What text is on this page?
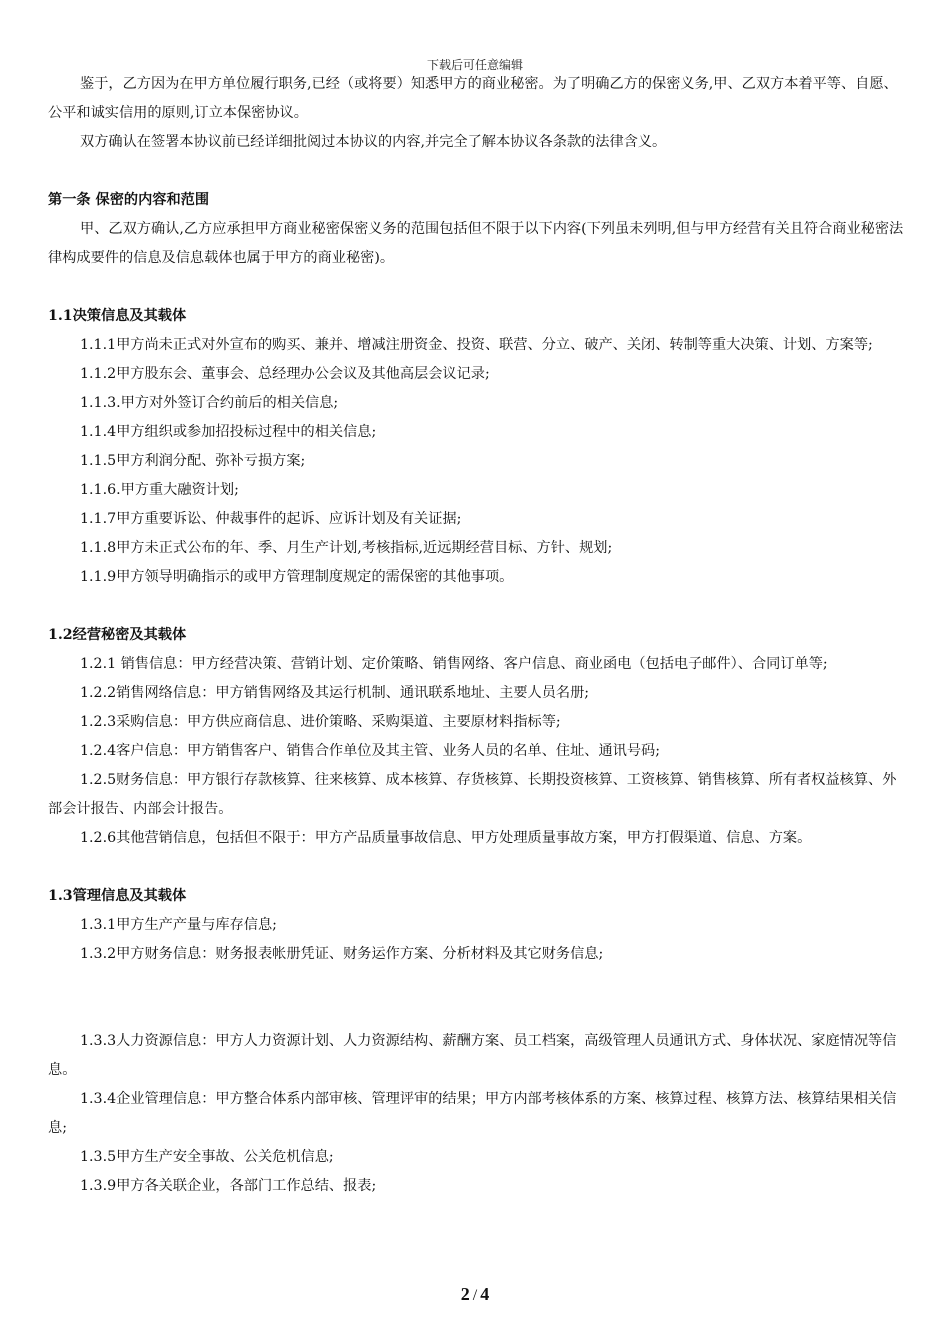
下载后可任意编辑

鉴于，乙方因为在甲方单位履行职务,已经（或将要）知悉甲方的商业秘密。为了明确乙方的保密义务,甲、乙双方本着平等、自愿、公平和诚实信用的原则,订立本保密协议。

双方确认在签署本协议前已经详细批阅过本协议的内容,并完全了解本协议各条款的法律含义。

第一条 保密的内容和范围

甲、乙双方确认,乙方应承担甲方商业秘密保密义务的范围包括但不限于以下内容(下列虽未列明,但与甲方经营有关且符合商业秘密法律构成要件的信息及信息载体也属于甲方的商业秘密)。

1.1决策信息及其载体

1.1.1甲方尚未正式对外宣布的购买、兼并、增减注册资金、投资、联营、分立、破产、关闭、转制等重大决策、计划、方案等;

1.1.2甲方股东会、董事会、总经理办公会议及其他高层会议记录;

1.1.3.甲方对外签订合约前后的相关信息;

1.1.4甲方组织或参加招投标过程中的相关信息;

1.1.5甲方利润分配、弥补亏损方案;

1.1.6.甲方重大融资计划;

1.1.7甲方重要诉讼、仲裁事件的起诉、应诉计划及有关证据;

1.1.8甲方未正式公布的年、季、月生产计划,考核指标,近远期经营目标、方针、规划;

1.1.9甲方领导明确指示的或甲方管理制度规定的需保密的其他事项。

1.2经营秘密及其载体

1.2.1 销售信息：甲方经营决策、营销计划、定价策略、销售网络、客户信息、商业函电（包括电子邮件）、合同订单等;

1.2.2销售网络信息：甲方销售网络及其运行机制、通讯联系地址、主要人员名册;

1.2.3采购信息：甲方供应商信息、进价策略、采购渠道、主要原材料指标等;

1.2.4客户信息：甲方销售客户、销售合作单位及其主管、业务人员的名单、住址、通讯号码;

1.2.5财务信息：甲方银行存款核算、往来核算、成本核算、存货核算、长期投资核算、工资核算、销售核算、所有者权益核算、外部会计报告、内部会计报告。

1.2.6其他营销信息，包括但不限于：甲方产品质量事故信息、甲方处理质量事故方案，甲方打假渠道、信息、方案。

1.3管理信息及其载体

1.3.1甲方生产产量与库存信息;

1.3.2甲方财务信息：财务报表帐册凭证、财务运作方案、分析材料及其它财务信息;

1.3.3人力资源信息：甲方人力资源计划、人力资源结构、薪酬方案、员工档案，高级管理人员通讯方式、身体状况、家庭情况等信息。

1.3.4企业管理信息：甲方整合体系内部审核、管理评审的结果；甲方内部考核体系的方案、核算过程、核算方法、核算结果相关信息;

1.3.5甲方生产安全事故、公关危机信息;

1.3.9甲方各关联企业，各部门工作总结、报表;

2 / 4
